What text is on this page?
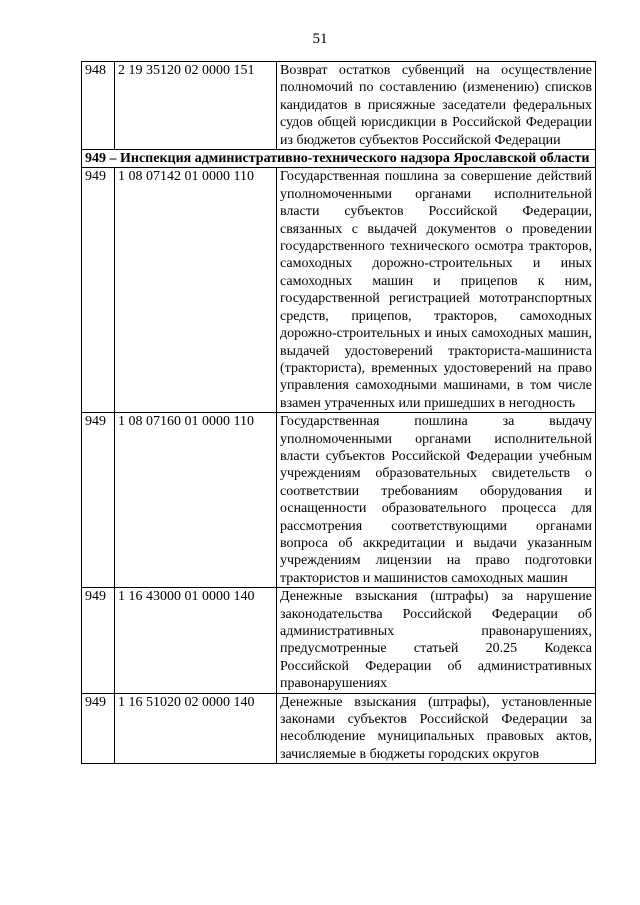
51
948	2 19 35120 02 0000 151	Возврат остатков субвенций на осуществление полномочий по составлению (изменению) списков кандидатов в присяжные заседатели федеральных судов общей юрисдикции в Российской Федерации из бюджетов субъектов Российской Федерации
949 – Инспекция административно-технического надзора Ярославской области		
949	1 08 07142 01 0000 110	Государственная пошлина за совершение действий уполномоченными органами исполнительной власти субъектов Российской Федерации, связанных с выдачей документов о проведении государственного технического осмотра тракторов, самоходных дорожно-строительных и иных самоходных машин и прицепов к ним, государственной регистрацией мототранспортных средств, прицепов, тракторов, самоходных дорожно-строительных и иных самоходных машин, выдачей удостоверений тракториста-машиниста (тракториста), временных удостоверений на право управления самоходными машинами, в том числе взамен утраченных или пришедших в негодность
949	1 08 07160 01 0000 110	Государственная пошлина за выдачу уполномоченными органами исполнительной власти субъектов Российской Федерации учебным учреждениям образовательных свидетельств о соответствии требованиям оборудования и оснащенности образовательного процесса для рассмотрения соответствующими органами вопроса об аккредитации и выдачи указанным учреждениям лицензии на право подготовки трактористов и машинистов самоходных машин
949	1 16 43000 01 0000 140	Денежные взыскания (штрафы) за нарушение законодательства Российской Федерации об административных правонарушениях, предусмотренные статьей 20.25 Кодекса Российской Федерации об административных правонарушениях
949	1 16 51020 02 0000 140	Денежные взыскания (штрафы), установленные законами субъектов Российской Федерации за несоблюдение муниципальных правовых актов, зачисляемые в бюджеты городских округов
